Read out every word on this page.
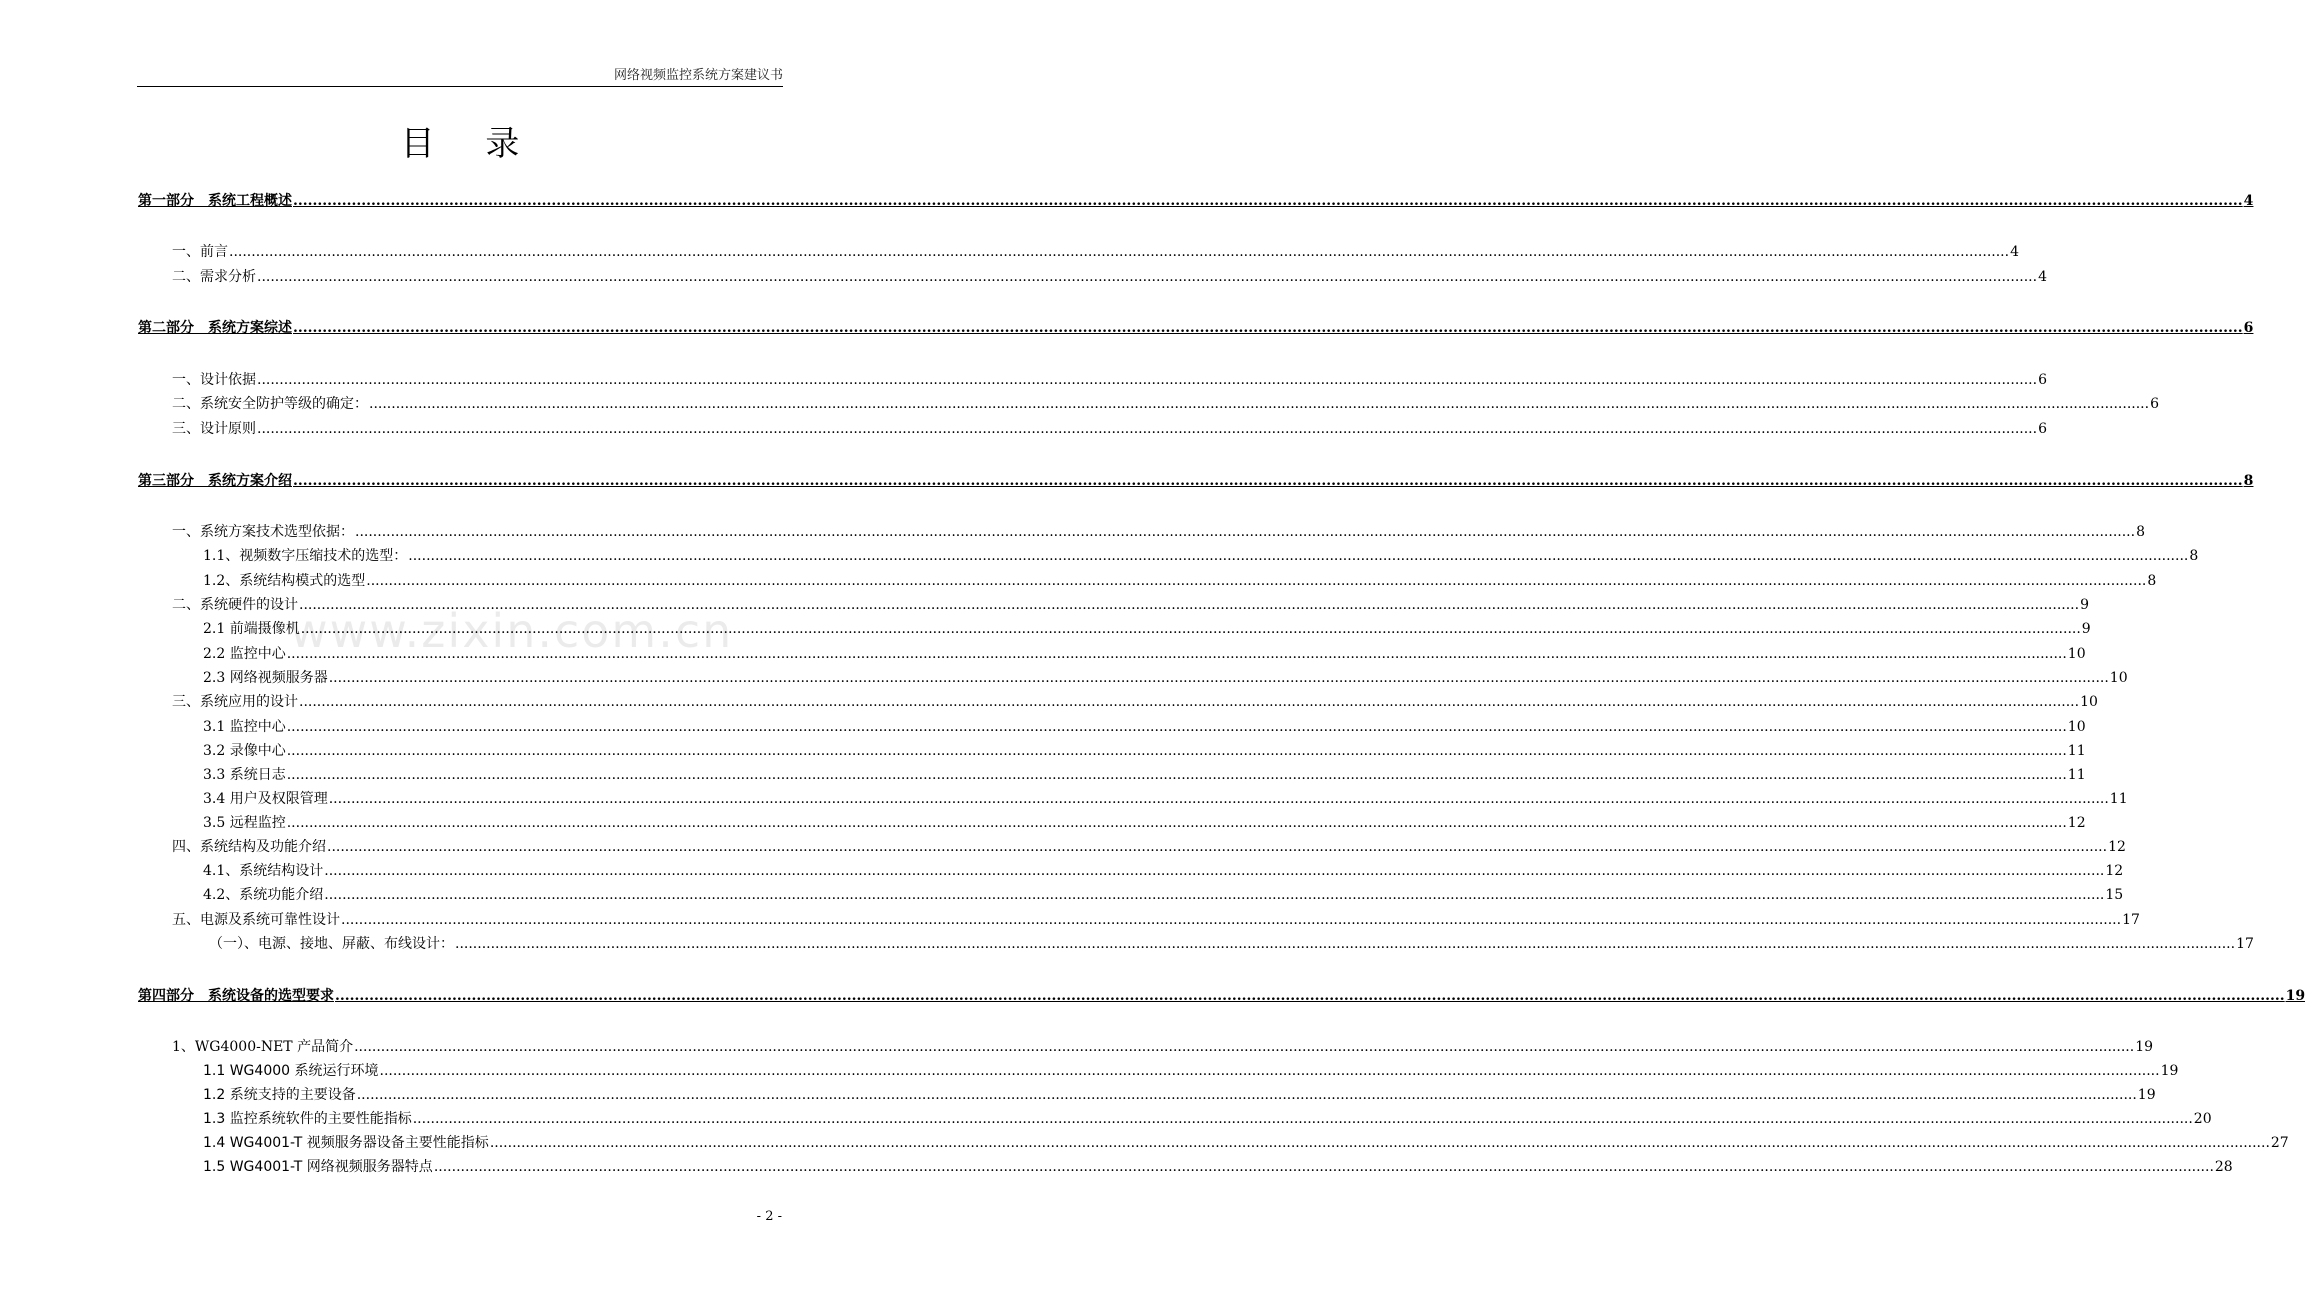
网络视频监控系统方案建议书
目 录
www.zixin.com.cn
第一部分　系统工程概述 ................................................................................................................................................................................................................................................................................................................................................................................................................ 4
一、前言 ................................................................................................................................................................................................................................................................................................................................................................................................................ 4
二、需求分析 ................................................................................................................................................................................................................................................................................................................................................................................................................ 4
第二部分　系统方案综述 ................................................................................................................................................................................................................................................................................................................................................................................................................ 6
一、设计依据 ................................................................................................................................................................................................................................................................................................................................................................................................................ 6
二、系统安全防护等级的确定： ................................................................................................................................................................................................................................................................................................................................................................................................................ 6
三、设计原则 ................................................................................................................................................................................................................................................................................................................................................................................................................ 6
第三部分　系统方案介绍 ................................................................................................................................................................................................................................................................................................................................................................................................................ 8
一、系统方案技术选型依据： ................................................................................................................................................................................................................................................................................................................................................................................................................ 8
1.1、视频数字压缩技术的选型： ................................................................................................................................................................................................................................................................................................................................................................................................................ 8
1.2、系统结构模式的选型 ................................................................................................................................................................................................................................................................................................................................................................................................................ 8
二、系统硬件的设计 ................................................................................................................................................................................................................................................................................................................................................................................................................ 9
2.1 前端摄像机 ................................................................................................................................................................................................................................................................................................................................................................................................................ 9
2.2 监控中心 ................................................................................................................................................................................................................................................................................................................................................................................................................ 10
2.3 网络视频服务器 ................................................................................................................................................................................................................................................................................................................................................................................................................ 10
三、系统应用的设计 ................................................................................................................................................................................................................................................................................................................................................................................................................ 10
3.1 监控中心 ................................................................................................................................................................................................................................................................................................................................................................................................................ 10
3.2 录像中心 ................................................................................................................................................................................................................................................................................................................................................................................................................ 11
3.3 系统日志 ................................................................................................................................................................................................................................................................................................................................................................................................................ 11
3.4 用户及权限管理 ................................................................................................................................................................................................................................................................................................................................................................................................................ 11
3.5 远程监控 ................................................................................................................................................................................................................................................................................................................................................................................................................ 12
四、系统结构及功能介绍 ................................................................................................................................................................................................................................................................................................................................................................................................................ 12
4.1、系统结构设计 ................................................................................................................................................................................................................................................................................................................................................................................................................ 12
4.2、系统功能介绍 ................................................................................................................................................................................................................................................................................................................................................................................................................ 15
五、电源及系统可靠性设计 ................................................................................................................................................................................................................................................................................................................................................................................................................ 17
（一）、电源、接地、屏蔽、布线设计： ................................................................................................................................................................................................................................................................................................................................................................................................................ 17
第四部分　系统设备的选型要求 ................................................................................................................................................................................................................................................................................................................................................................................................................ 19
1、WG4000-NET 产品简介 ................................................................................................................................................................................................................................................................................................................................................................................................................ 19
1.1 WG4000 系统运行环境 ................................................................................................................................................................................................................................................................................................................................................................................................................ 19
1.2 系统支持的主要设备 ................................................................................................................................................................................................................................................................................................................................................................................................................ 19
1.3 监控系统软件的主要性能指标 ................................................................................................................................................................................................................................................................................................................................................................................................................ 20
1.4 WG4001-T 视频服务器设备主要性能指标 ................................................................................................................................................................................................................................................................................................................................................................................................................ 27
1.5 WG4001-T 网络视频服务器特点 ................................................................................................................................................................................................................................................................................................................................................................................................................ 28
- 2 -
